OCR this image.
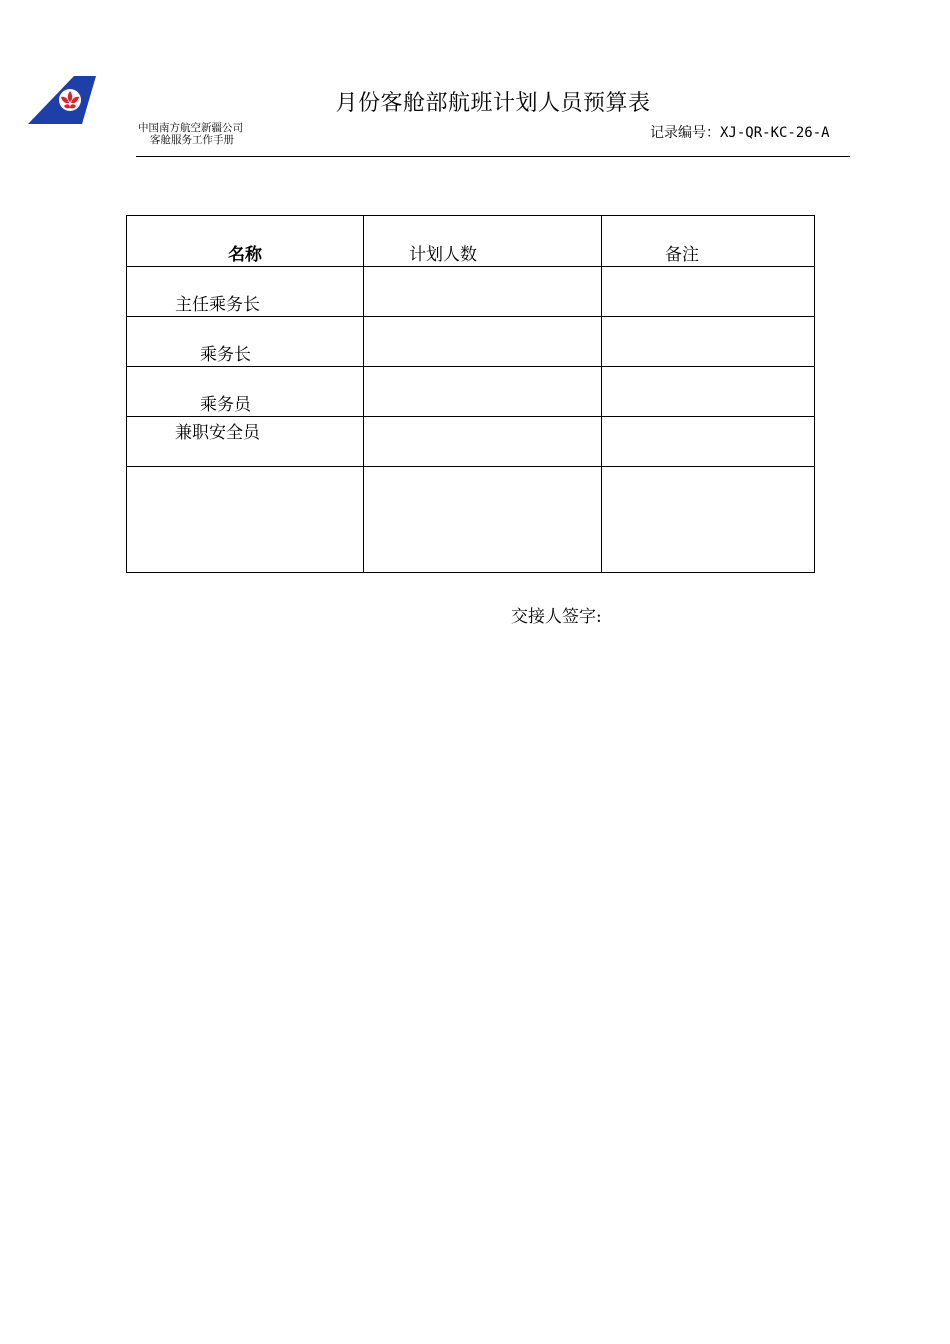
月份客舱部航班计划人员预算表
中国南方航空新疆公司
客舱服务工作手册	记录编号：XJ-QR-KC-26-A
名称	计划人数	备注

主任乘务长		

乘务长		

乘务员		

兼职安全员		

交接人签字:
